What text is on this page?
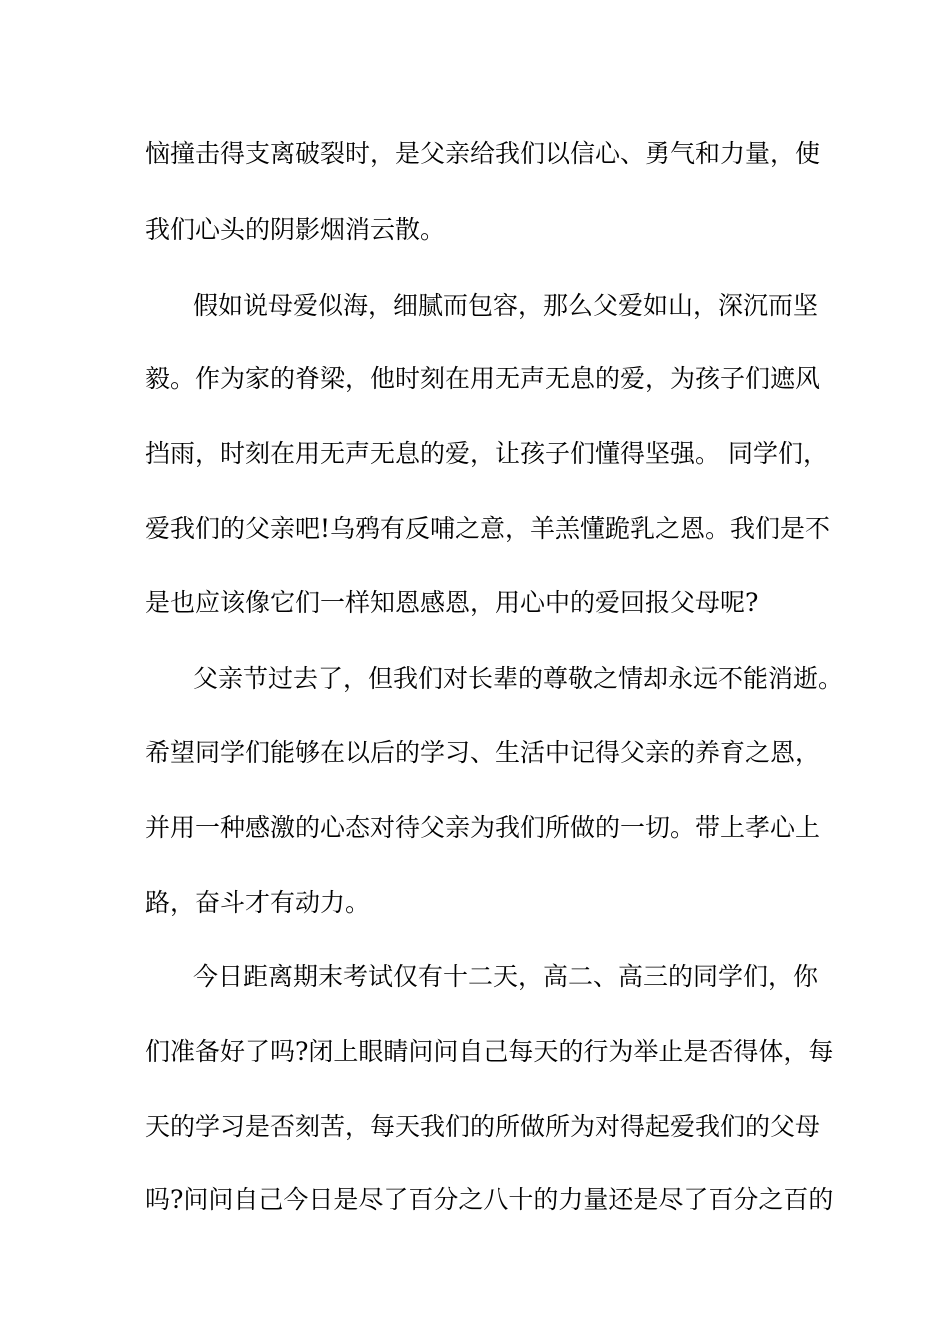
恼撞击得支离破裂时，是父亲给我们以信心、勇气和力量，使
我们心头的阴影烟消云散。
假如说母爱似海，细腻而包容，那么父爱如山，深沉而坚
毅。作为家的脊梁，他时刻在用无声无息的爱，为孩子们遮风
挡雨，时刻在用无声无息的爱，让孩子们懂得坚强。 同学们，
爱我们的父亲吧!乌鸦有反哺之意，羊羔懂跪乳之恩。我们是不
是也应该像它们一样知恩感恩，用心中的爱回报父母呢?
父亲节过去了，但我们对长辈的尊敬之情却永远不能消逝。
希望同学们能够在以后的学习、生活中记得父亲的养育之恩，
并用一种感激的心态对待父亲为我们所做的一切。带上孝心上
路，奋斗才有动力。
今日距离期末考试仅有十二天，高二、高三的同学们，你
们准备好了吗?闭上眼睛问问自己每天的行为举止是否得体，每
天的学习是否刻苦，每天我们的所做所为对得起爱我们的父母
吗?问问自己今日是尽了百分之八十的力量还是尽了百分之百的
